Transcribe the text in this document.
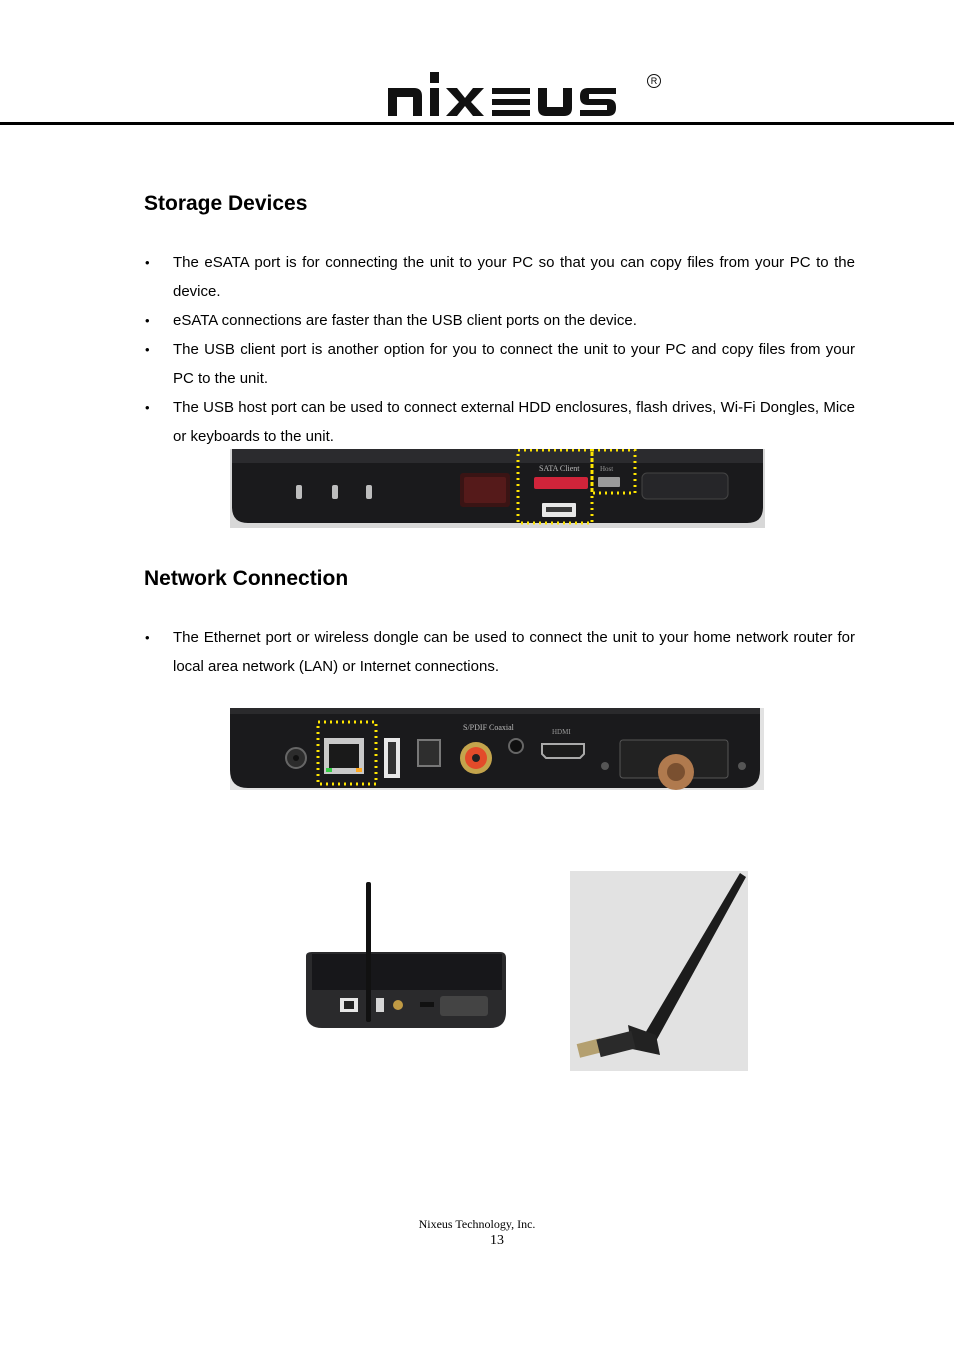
R
Storage Devices
• The eSATA port is for connecting the unit to your PC so that you can copy files from your PC to the device.
• eSATA connections are faster than the USB client ports on the device.
• The USB client port is another option for you to connect the unit to your PC and copy files from your PC to the unit.
• The USB host port can be used to connect external HDD enclosures, flash drives, Wi-Fi Dongles, Mice or keyboards to the unit.
SATA Client	Host
Network Connection
• The Ethernet port or wireless dongle can be used to connect the unit to your home network router for local area network (LAN) or Internet connections.
S/PDIF Coaxial	HDMI
Nixeus Technology, Inc.
13
